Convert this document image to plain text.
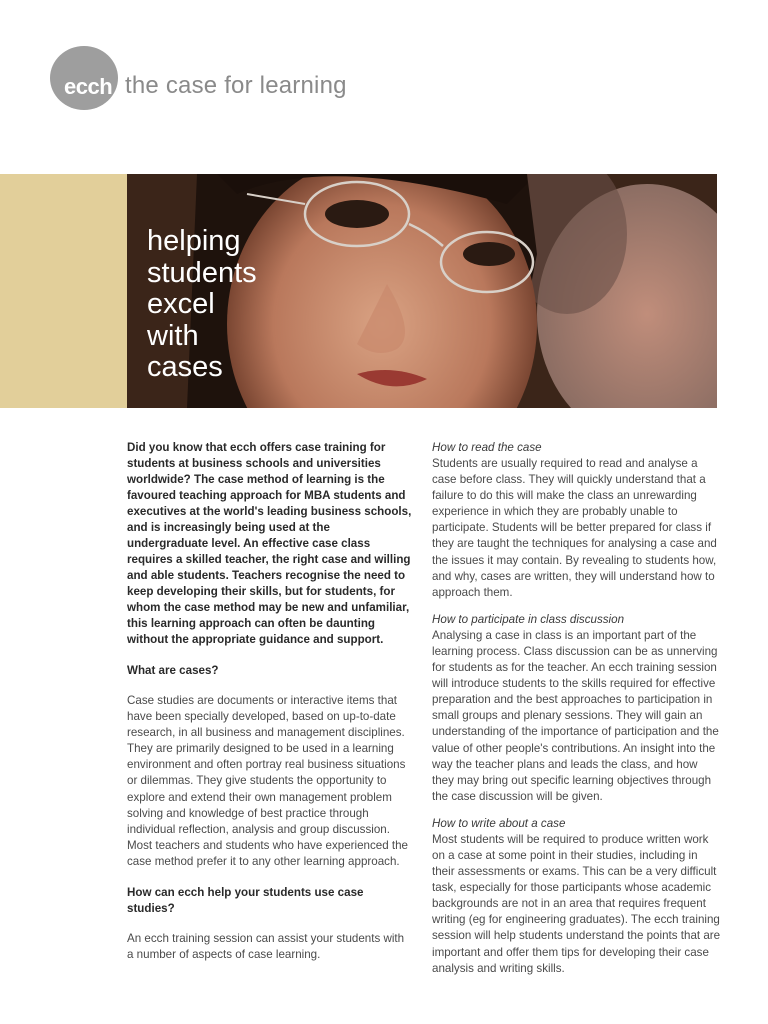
ecch the case for learning
helping
students
excel
with
cases

Did you know that ecch offers case training for students at business schools and universities worldwide? The case method of learning is the favoured teaching approach for MBA students and executives at the world's leading business schools, and is increasingly being used at the undergraduate level. An effective case class requires a skilled teacher, the right case and willing and able students. Teachers recognise the need to keep developing their skills, but for students, for whom the case method may be new and unfamiliar, this learning approach can often be daunting without the appropriate guidance and support.

What are cases?

Case studies are documents or interactive items that have been specially developed, based on up-to-date research, in all business and management disciplines. They are primarily designed to be used in a learning environment and often portray real business situations or dilemmas. They give students the opportunity to explore and extend their own management problem solving and knowledge of best practice through individual reflection, analysis and group discussion. Most teachers and students who have experienced the case method prefer it to any other learning approach.

How can ecch help your students use case studies?

An ecch training session can assist your students with a number of aspects of case learning.

How to read the case

Students are usually required to read and analyse a case before class. They will quickly understand that a failure to do this will make the class an unrewarding experience in which they are probably unable to participate. Students will be better prepared for class if they are taught the techniques for analysing a case and the issues it may contain. By revealing to students how, and why, cases are written, they will understand how to approach them.

How to participate in class discussion

Analysing a case in class is an important part of the learning process. Class discussion can be as unnerving for students as for the teacher. An ecch training session will introduce students to the skills required for effective preparation and the best approaches to participation in small groups and plenary sessions. They will gain an understanding of the importance of participation and the value of other people's contributions. An insight into the way the teacher plans and leads the class, and how they may bring out specific learning objectives through the case discussion will be given.

How to write about a case

Most students will be required to produce written work on a case at some point in their studies, including in their assessments or exams. This can be a very difficult task, especially for those participants whose academic backgrounds are not in an area that requires frequent writing (eg for engineering graduates). The ecch training session will help students understand the points that are important and offer them tips for developing their case analysis and writing skills.
